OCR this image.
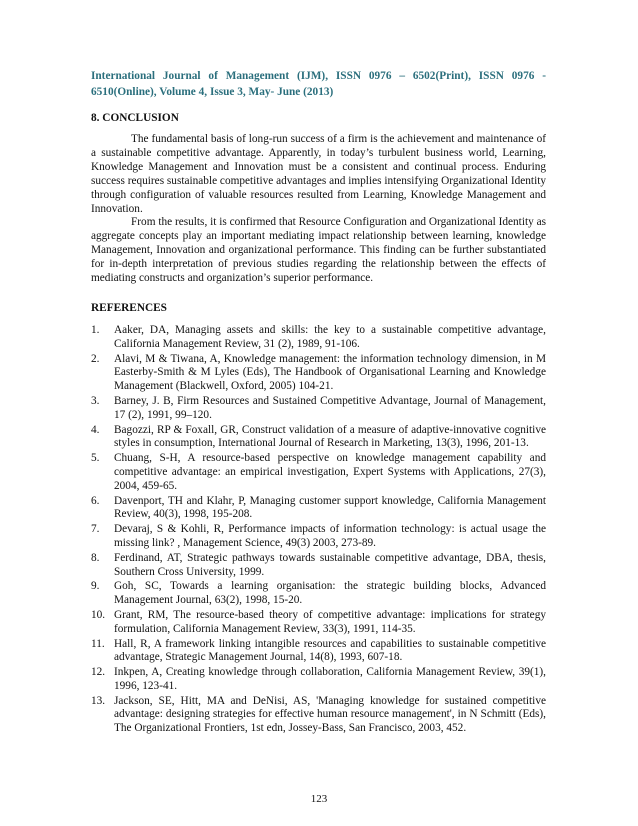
International Journal of Management (IJM), ISSN 0976 – 6502(Print), ISSN 0976 - 6510(Online), Volume 4, Issue 3, May- June (2013)

8. CONCLUSION

The fundamental basis of long-run success of a firm is the achievement and maintenance of a sustainable competitive advantage. Apparently, in today’s turbulent business world, Learning, Knowledge Management and Innovation must be a consistent and continual process. Enduring success requires sustainable competitive advantages and implies intensifying Organizational Identity through configuration of valuable resources resulted from Learning, Knowledge Management and Innovation.

From the results, it is confirmed that Resource Configuration and Organizational Identity as aggregate concepts play an important mediating impact relationship between learning, knowledge Management, Innovation and organizational performance. This finding can be further substantiated for in-depth interpretation of previous studies regarding the relationship between the effects of mediating constructs and organization’s superior performance.

REFERENCES
1.	Aaker, DA, Managing assets and skills: the key to a sustainable competitive advantage, California Management Review, 31 (2), 1989, 91-106.
2.	Alavi, M & Tiwana, A, Knowledge management: the information technology dimension, in M Easterby-Smith & M Lyles (Eds), The Handbook of Organisational Learning and Knowledge Management (Blackwell, Oxford, 2005) 104-21.
3.	Barney, J. B, Firm Resources and Sustained Competitive Advantage, Journal of Management, 17 (2), 1991, 99–120.
4.	Bagozzi, RP & Foxall, GR, Construct validation of a measure of adaptive-innovative cognitive styles in consumption, International Journal of Research in Marketing, 13(3), 1996, 201-13.
5.	Chuang, S-H, A resource-based perspective on knowledge management capability and competitive advantage: an empirical investigation, Expert Systems with Applications, 27(3), 2004, 459-65.
6.	Davenport, TH and Klahr, P, Managing customer support knowledge, California Management Review, 40(3), 1998, 195-208.
7.	Devaraj, S & Kohli, R, Performance impacts of information technology: is actual usage the missing link? , Management Science, 49(3) 2003, 273-89.
8.	Ferdinand, AT, Strategic pathways towards sustainable competitive advantage, DBA, thesis, Southern Cross University, 1999.
9.	Goh, SC, Towards a learning organisation: the strategic building blocks, Advanced Management Journal, 63(2), 1998, 15-20.
10. Grant, RM, The resource-based theory of competitive advantage: implications for strategy formulation, California Management Review, 33(3), 1991, 114-35.
11. Hall, R, A framework linking intangible resources and capabilities to sustainable competitive advantage, Strategic Management Journal, 14(8), 1993, 607-18.
12. Inkpen, A, Creating knowledge through collaboration, California Management Review, 39(1), 1996, 123-41.
13. Jackson, SE, Hitt, MA and DeNisi, AS, 'Managing knowledge for sustained competitive advantage: designing strategies for effective human resource management', in N Schmitt (Eds), The Organizational Frontiers, 1st edn, Jossey-Bass, San Francisco, 2003, 452.
123
